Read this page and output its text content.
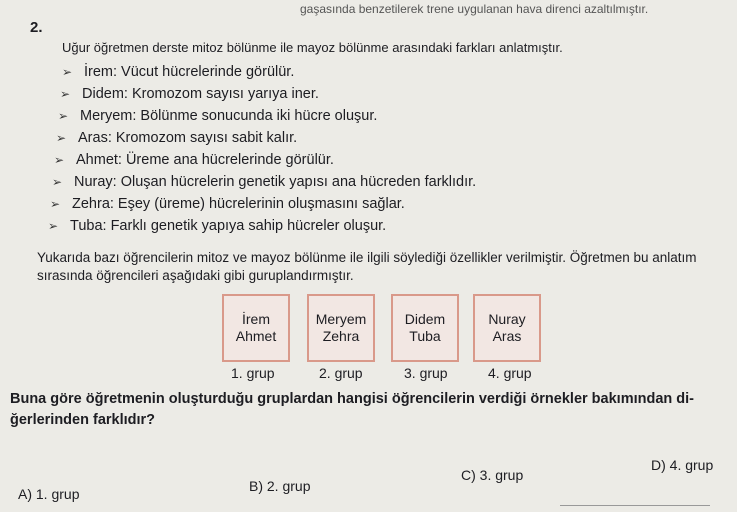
gaşasında benzetilerek trene uygulanan hava direnci azaltılmıştır.
2.
Uğur öğretmen derste mitoz bölünme ile mayoz bölünme arasındaki farkları anlatmıştır.
➢ İrem: Vücut hücrelerinde görülür.
➢ Didem: Kromozom sayısı yarıya iner.
➢ Meryem: Bölünme sonucunda iki hücre oluşur.
➢ Aras: Kromozom sayısı sabit kalır.
➢ Ahmet: Üreme ana hücrelerinde görülür.
➢ Nuray: Oluşan hücrelerin genetik yapısı ana hücreden farklıdır.
➢ Zehra: Eşey (üreme) hücrelerinin oluşmasını sağlar.
➢ Tuba: Farklı genetik yapıya sahip hücreler oluşur.
Yukarıda bazı öğrencilerin mitoz ve mayoz bölünme ile ilgili söylediği özellikler verilmiştir. Öğretmen bu anlatım sırasında öğrencileri aşağıdaki gibi guruplandırmıştır.
İrem
Ahmet
Meryem
Zehra
Didem
Tuba
Nuray
Aras
1. grup	2. grup	3. grup	4. grup
Buna göre öğretmenin oluşturduğu gruplardan hangisi öğrencilerin verdiği örnekler bakımından di- ğerlerinden farklıdır?
A) 1. grup	B) 2. grup
C) 3. grup
D) 4. grup
